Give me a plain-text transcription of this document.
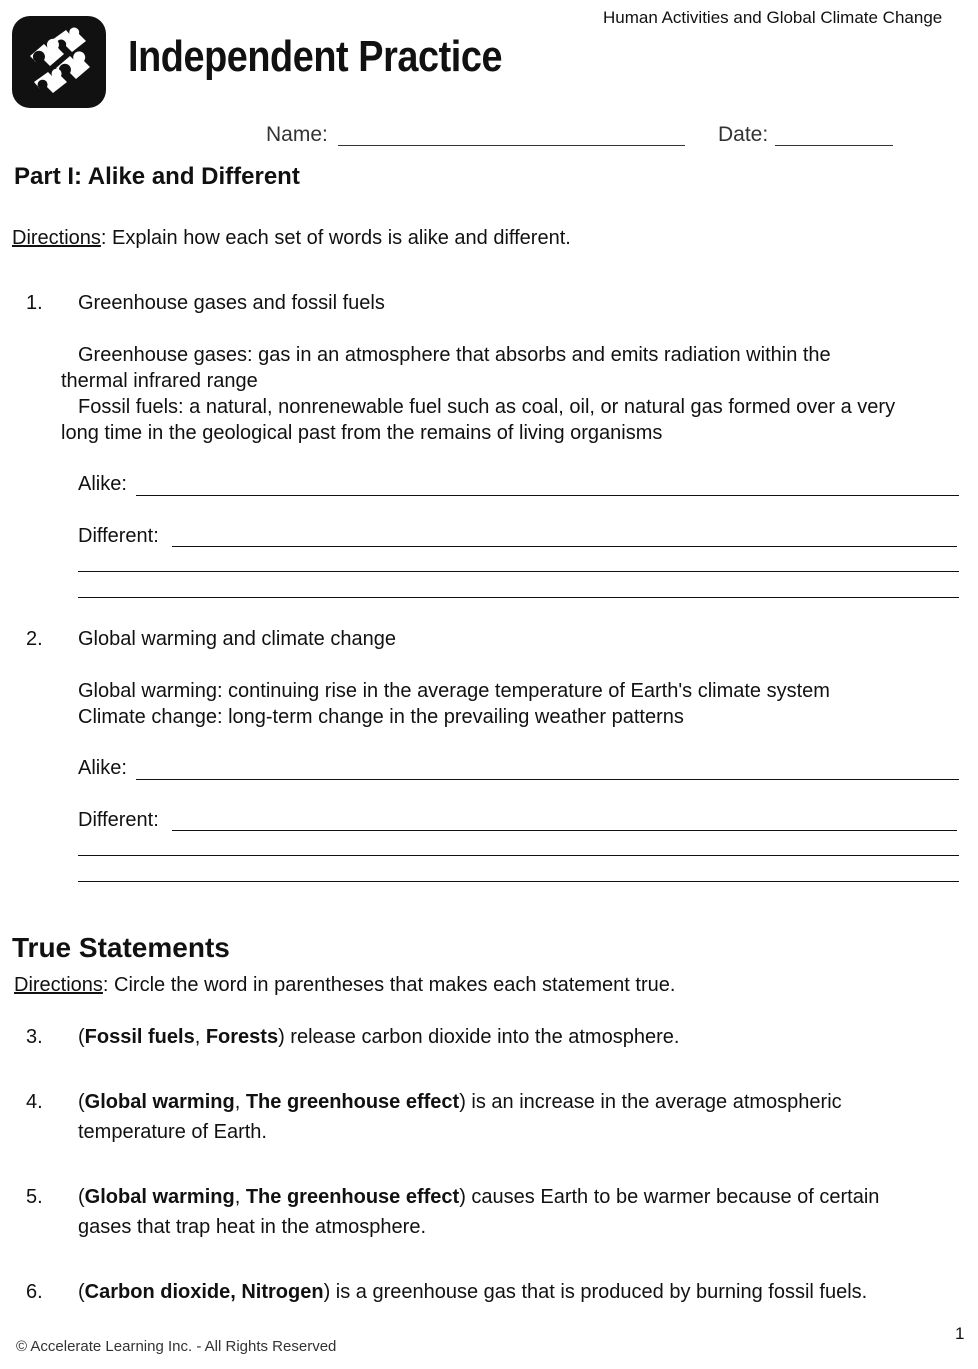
Independent Practice
Human Activities and Global Climate Change
Name:	Date:
Part I: Alike and Different
Directions: Explain how each set of words is alike and different.
1. Greenhouse gases and fossil fuels
Greenhouse gases: gas in an atmosphere that absorbs and emits radiation within the
thermal infrared range
Fossil fuels: a natural, nonrenewable fuel such as coal, oil, or natural gas formed over a very
long time in the geological past from the remains of living organisms
Alike:
Different:
2. Global warming and climate change
Global warming: continuing rise in the average temperature of Earth's climate system
Climate change: long-term change in the prevailing weather patterns
Alike:
Different:
True Statements
Directions: Circle the word in parentheses that makes each statement true.
3. (Fossil fuels, Forests) release carbon dioxide into the atmosphere.
4. (Global warming, The greenhouse effect) is an increase in the average atmospheric
temperature of Earth.
5. (Global warming, The greenhouse effect) causes Earth to be warmer because of certain
gases that trap heat in the atmosphere.
6. (Carbon dioxide, Nitrogen) is a greenhouse gas that is produced by burning fossil fuels.
© Accelerate Learning Inc. - All Rights Reserved
1
